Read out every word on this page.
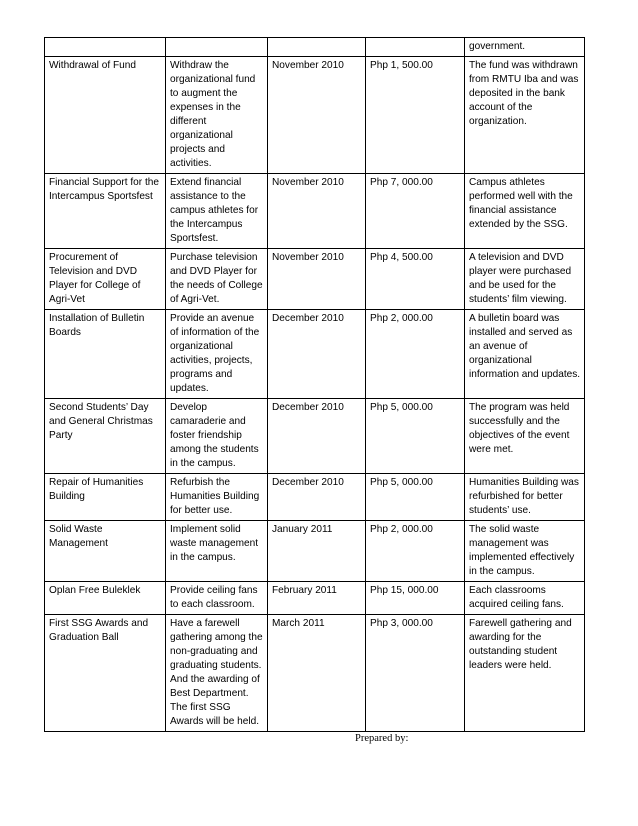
				government.
Withdrawal of Fund	Withdraw the organizational fund to augment the expenses in the different organizational projects and activities.	November 2010	Php 1, 500.00	The fund was withdrawn from RMTU Iba and was deposited in the bank account of the organization.
Financial Support for the Intercampus Sportsfest	Extend financial assistance to the campus athletes for the Intercampus Sportsfest.	November 2010	Php 7, 000.00	Campus athletes performed well with the financial assistance extended by the SSG.
Procurement of Television and DVD Player for College of Agri-Vet	Purchase television and DVD Player for the needs of College of Agri-Vet.	November 2010	Php 4, 500.00	A television and DVD player were purchased and be used for the students’ film viewing.
Installation of Bulletin Boards	Provide an avenue of information of the organizational activities, projects, programs and updates.	December 2010	Php 2, 000.00	A bulletin board was installed and served as an avenue of organizational information and updates.
Second Students’ Day and General Christmas Party	Develop camaraderie and foster friendship among the students in the campus.	December 2010	Php 5, 000.00	The program was held successfully and the objectives of the event were met.
Repair of Humanities Building	Refurbish the Humanities Building for better use.	December 2010	Php 5, 000.00	Humanities Building was refurbished for better students’ use.
Solid Waste Management	Implement solid waste management in the campus.	January 2011	Php 2, 000.00	The solid waste management was implemented effectively in the campus.
Oplan Free Buleklek	Provide ceiling fans to each classroom.	February 2011	Php 15, 000.00	Each classrooms acquired ceiling fans.
First SSG Awards and Graduation Ball	Have a farewell gathering among the non-graduating and graduating students. And the awarding of Best Department. The first SSG Awards will be held.	March 2011	Php 3, 000.00	Farewell gathering and awarding for the outstanding student leaders were held.
Prepared by:
